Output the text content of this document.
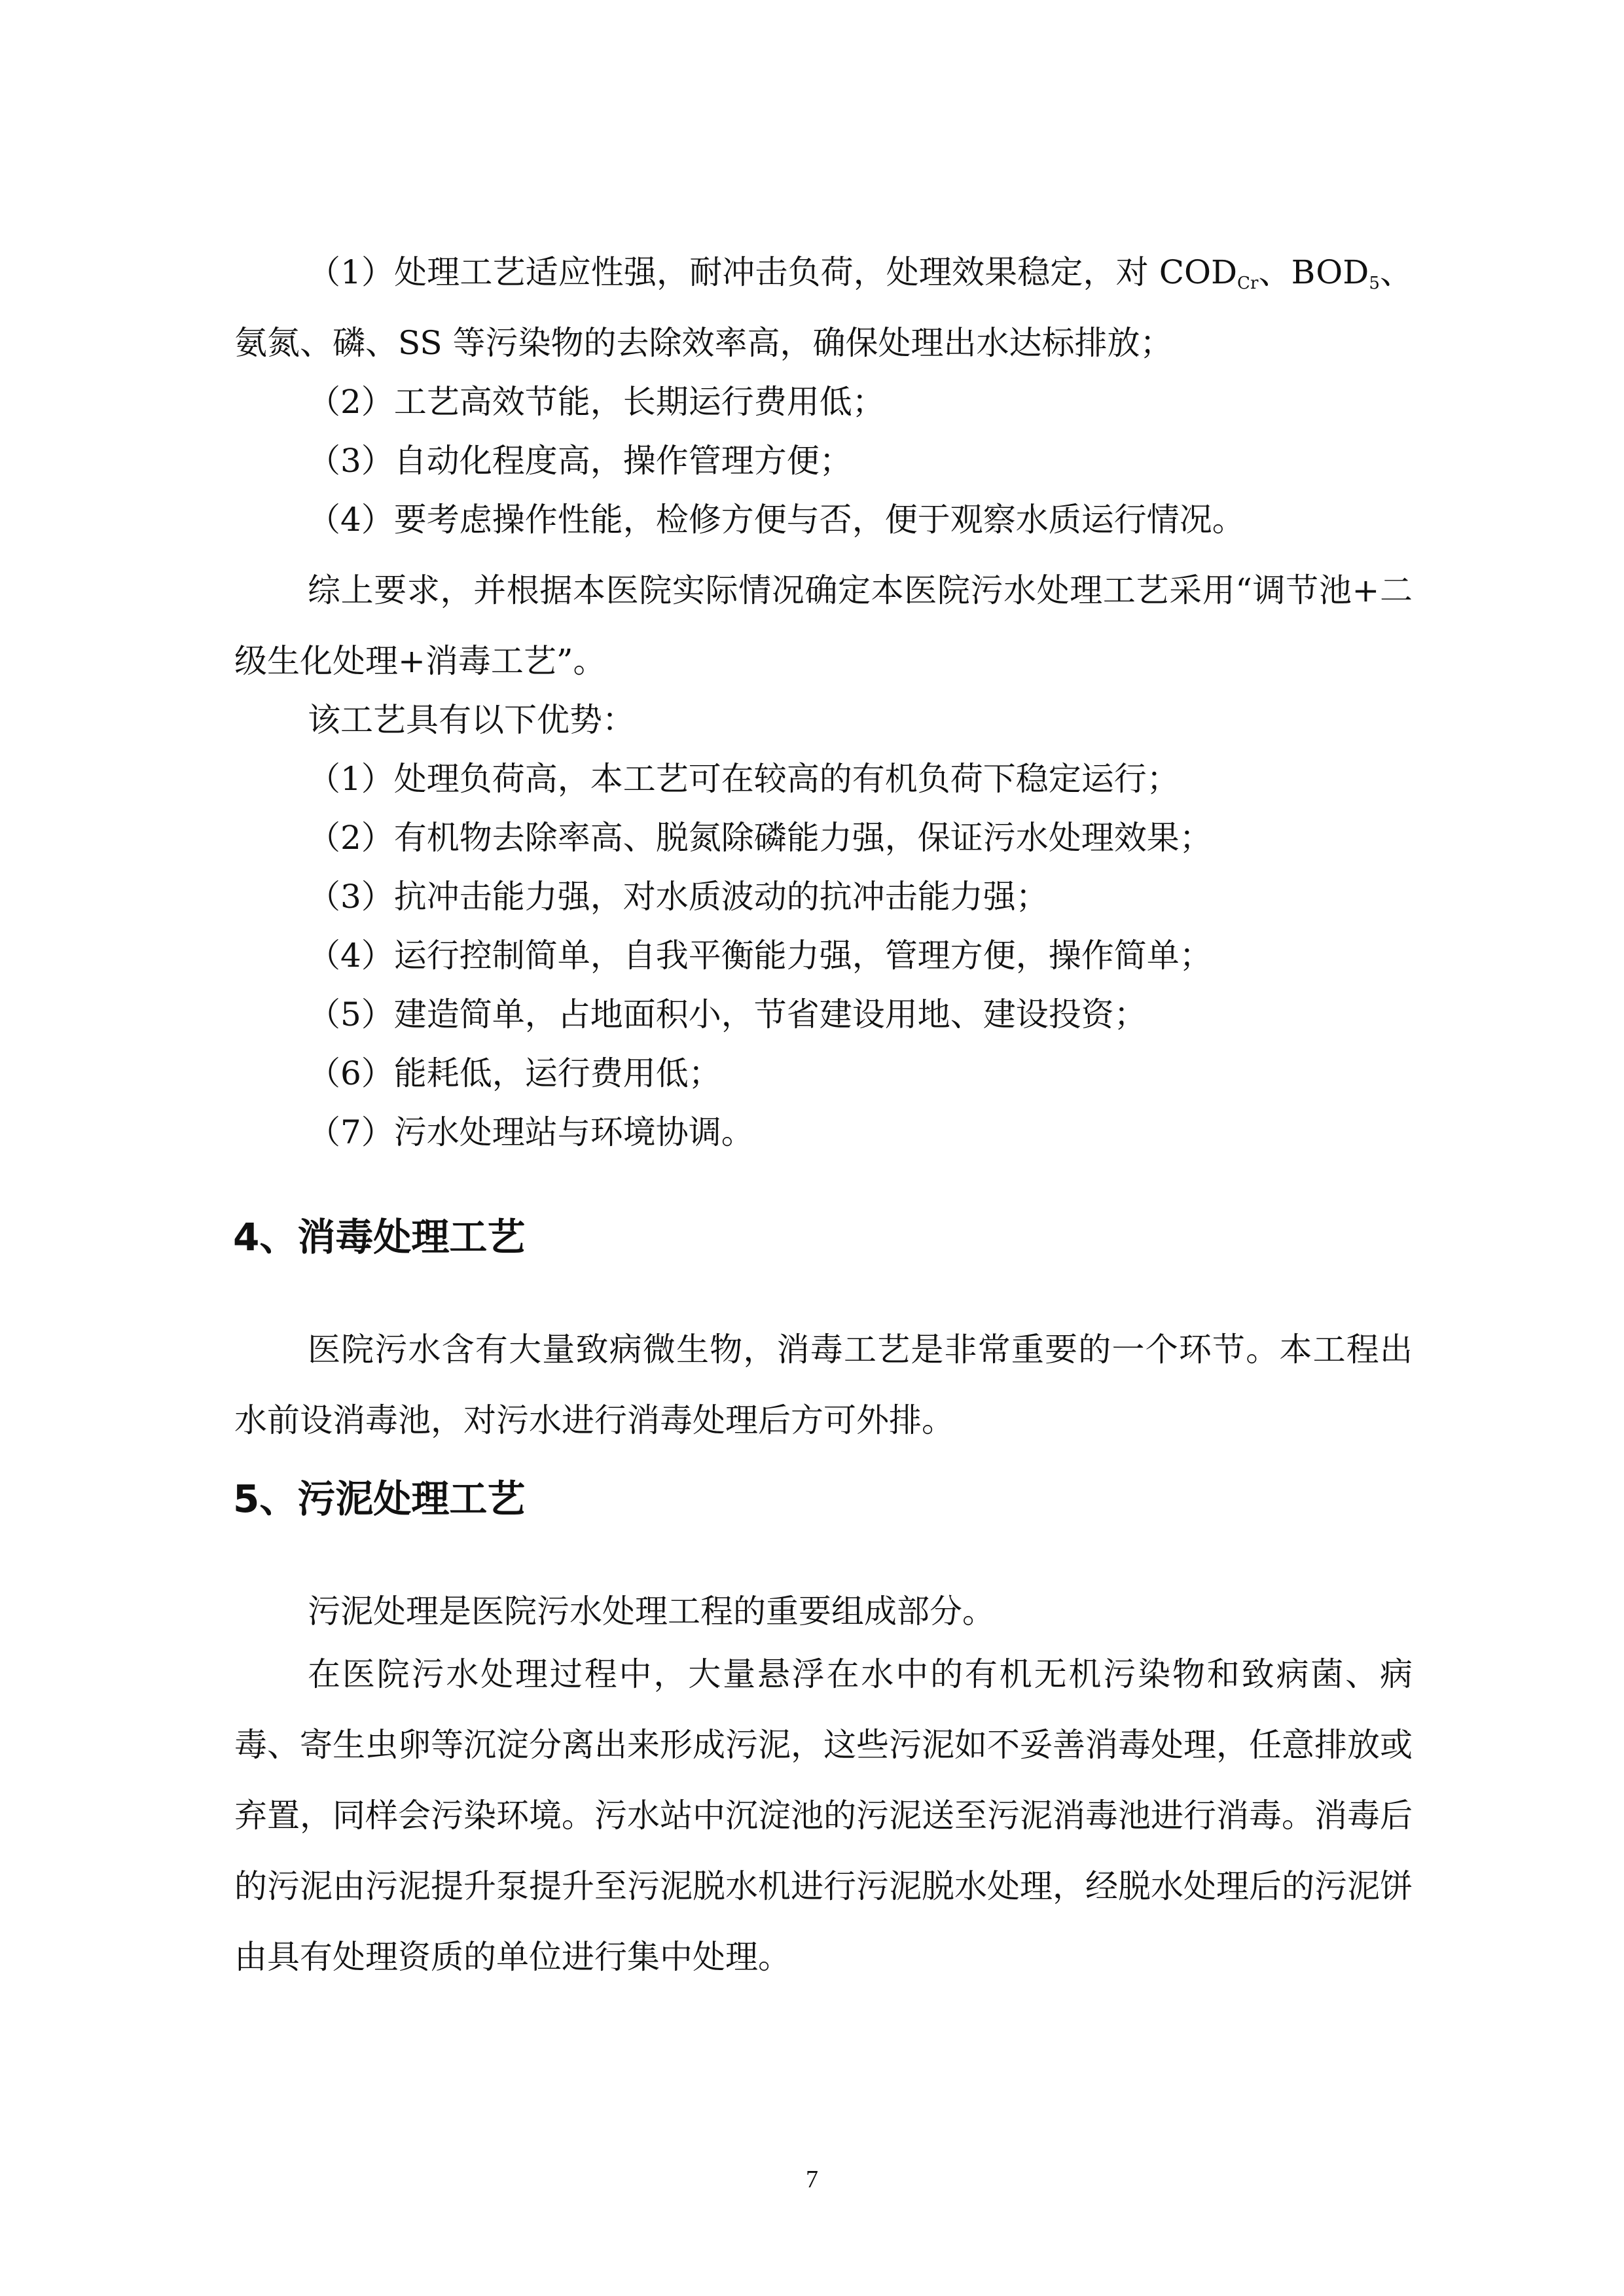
（1）处理工艺适应性强，耐冲击负荷，处理效果稳定，对 $COD_{Cr}$、$BOD_5$、氨氮、磷、SS 等污染物的去除效率高，确保处理出水达标排放；
（2）工艺高效节能，长期运行费用低；
（3）自动化程度高，操作管理方便；
（4）要考虑操作性能，检修方便与否，便于观察水质运行情况。
综上要求，并根据本医院实际情况确定本医院污水处理工艺采用“调节池+二级生化处理+消毒工艺”。
该工艺具有以下优势：
（1）处理负荷高，本工艺可在较高的有机负荷下稳定运行；
（2）有机物去除率高、脱氮除磷能力强，保证污水处理效果；
（3）抗冲击能力强，对水质波动的抗冲击能力强；
（4）运行控制简单，自我平衡能力强，管理方便，操作简单；
（5）建造简单，占地面积小，节省建设用地、建设投资；
（6）能耗低，运行费用低；
（7）污水处理站与环境协调。
4、消毒处理工艺
医院污水含有大量致病微生物，消毒工艺是非常重要的一个环节。本工程出水前设消毒池，对污水进行消毒处理后方可外排。
5、污泥处理工艺
污泥处理是医院污水处理工程的重要组成部分。
在医院污水处理过程中，大量悬浮在水中的有机无机污染物和致病菌、病毒、寄生虫卵等沉淀分离出来形成污泥，这些污泥如不妥善消毒处理，任意排放或弃置，同样会污染环境。污水站中沉淀池的污泥送至污泥消毒池进行消毒。消毒后的污泥由污泥提升泵提升至污泥脱水机进行污泥脱水处理，经脱水处理后的污泥饼由具有处理资质的单位进行集中处理。
7
